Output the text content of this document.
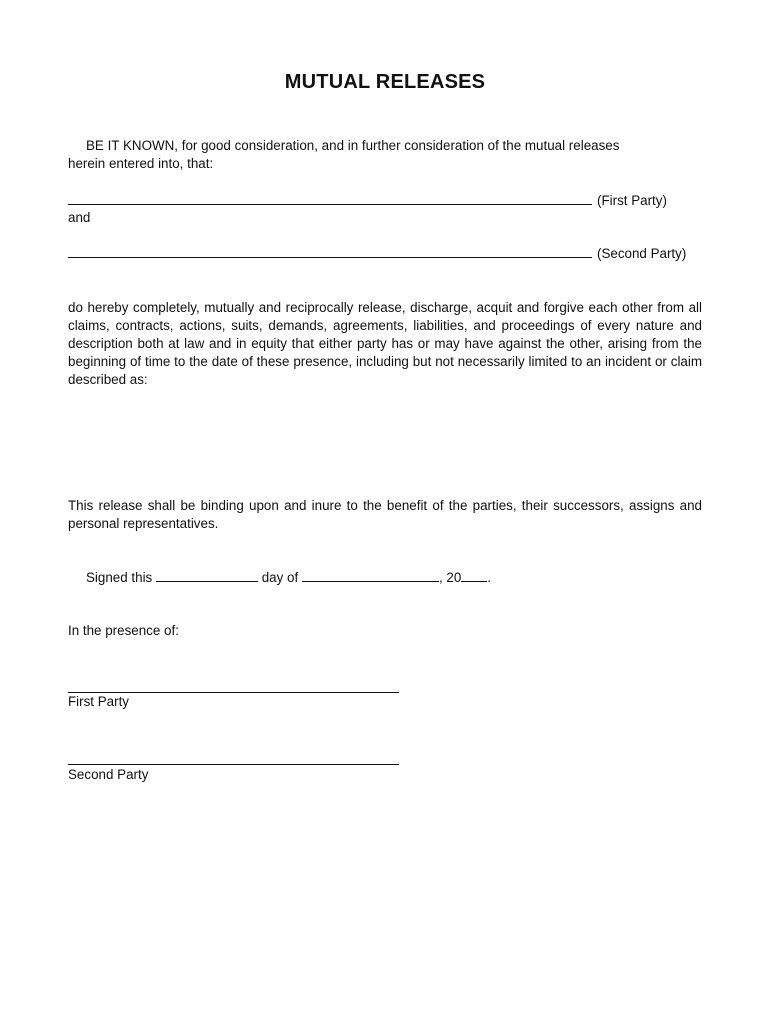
MUTUAL RELEASES
BE IT KNOWN, for good consideration, and in further consideration of the mutual releases
herein entered into, that:
(First Party)
and
(Second Party)
do hereby completely, mutually and reciprocally release, discharge, acquit and forgive each other from all claims, contracts, actions, suits, demands, agreements, liabilities, and proceedings of every nature and description both at law and in equity that either party has or may have against the other, arising from the beginning of time to the date of these presence, including but not necessarily limited to an incident or claim described as:
This release shall be binding upon and inure to the benefit of the parties, their successors, assigns and personal representatives.
Signed this	day of	, 20 .
In the presence of:
First Party
Second Party
